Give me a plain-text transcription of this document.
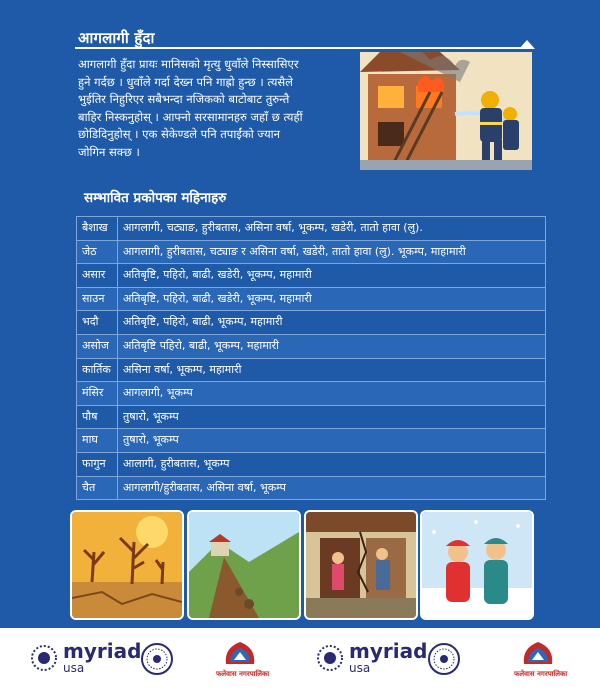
आगलागी हुँदा
आगलागी हुँदा प्रायः मानिसको मृत्यु धुवाँले निस्सासिएर
हुने गर्दछ । धुवाँले गर्दा देख्न पनि गाह्रो हुन्छ । त्यसैले
भुईतिर निहुरिएर सबैभन्दा नजिकको बाटोबाट तुरुन्तै
बाहिर निस्कनुहोस् । आफ्नो सरसामानहरु जहाँ छ त्यहीं
छोडिदिनुहोस् । एक सेकेण्डले पनि तपाईंको ज्यान
जोगिन सक्छ ।
सम्भावित प्रकोपका महिनाहरु
बैशाख	आगलागी, चट्याङ, हुरीबतास, असिना वर्षा, भूकम्प, खडेरी, तातो हावा (लु).
जेठ	आगलागी, हुरीबतास, चट्याङ र असिना वर्षा, खडेरी, तातो हावा (लु). भूकम्प, माहामारी
असार	अतिबृष्टि, पहिरो, बाढी, खडेरी, भूकम्प, महामारी
साउन	अतिबृष्टि, पहिरो, बाढी, खडेरी, भूकम्प, महामारी
भदौ	अतिबृष्टि, पहिरो, बाढी, भूकम्प, महामारी
असोज	अतिबृष्टि पहिरो, बाढी, भूकम्प, महामारी
कार्तिक	असिना वर्षा, भूकम्प, महामारी
मंसिर	आगलागी, भूकम्प
पौष	तुषारो, भूकम्प
माघ	तुषारो, भूकम्प
फागुन	आलागी, हुरीबतास, भूकम्प
चैत	आगलागी/हुरीबतास, असिना वर्षा, भूकम्प
myriad
usa	फलेवास नगरपालिका
myriad
usa	फलेवास नगरपालिका
